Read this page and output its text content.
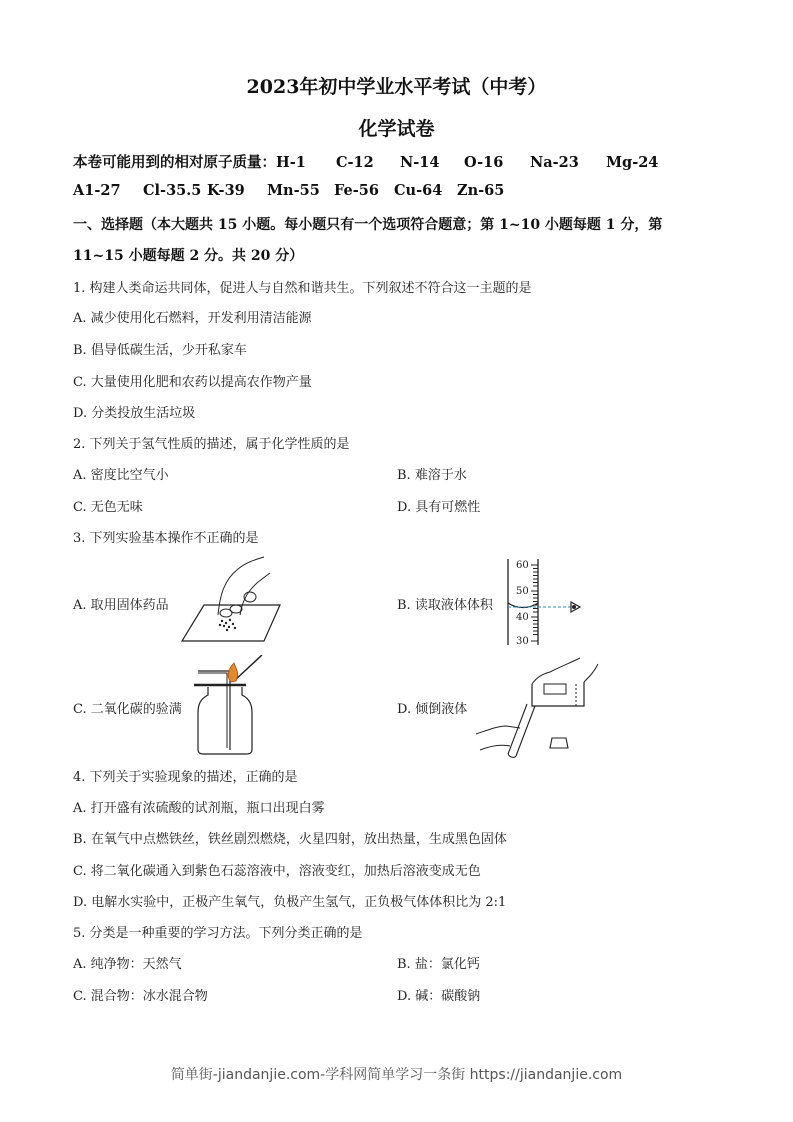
2023年初中学业水平考试（中考）
化学试卷
本卷可能用到的相对原子质量：H-1 C-12 N-14 O-16 Na-23 Mg-24
A1-27 Cl-35.5 K-39 Mn-55 Fe-56 Cu-64 Zn-65
一、选择题（本大题共 15 小题。每小题只有一个选项符合题意；第 1~10 小题每题 1 分，第
11~15 小题每题 2 分。共 20 分）
1. 构建人类命运共同体，促进人与自然和谐共生。下列叙述不符合这一主题的是
A. 减少使用化石燃料，开发利用清洁能源
B. 倡导低碳生活，少开私家车
C. 大量使用化肥和农药以提高农作物产量
D. 分类投放生活垃圾
2. 下列关于氢气性质的描述，属于化学性质的是
A. 密度比空气小	B. 难溶于水
C. 无色无味	D. 具有可燃性
3. 下列实验基本操作不正确的是
A. 取用固体药品	B. 读取液体体积
C. 二氧化碳的验满	D. 倾倒液体
60
50
40
30
4. 下列关于实验现象的描述，正确的是
A. 打开盛有浓硫酸的试剂瓶，瓶口出现白雾
B. 在氧气中点燃铁丝，铁丝剧烈燃烧，火星四射，放出热量，生成黑色固体
C. 将二氧化碳通入到紫色石蕊溶液中，溶液变红，加热后溶液变成无色
D. 电解水实验中，正极产生氧气，负极产生氢气，正负极气体体积比为 2:1
5. 分类是一种重要的学习方法。下列分类正确的是
A. 纯净物：天然气	B. 盐：氯化钙
C. 混合物：冰水混合物	D. 碱：碳酸钠
简单街-jiandanjie.com-学科网简单学习一条街 https://jiandanjie.com
